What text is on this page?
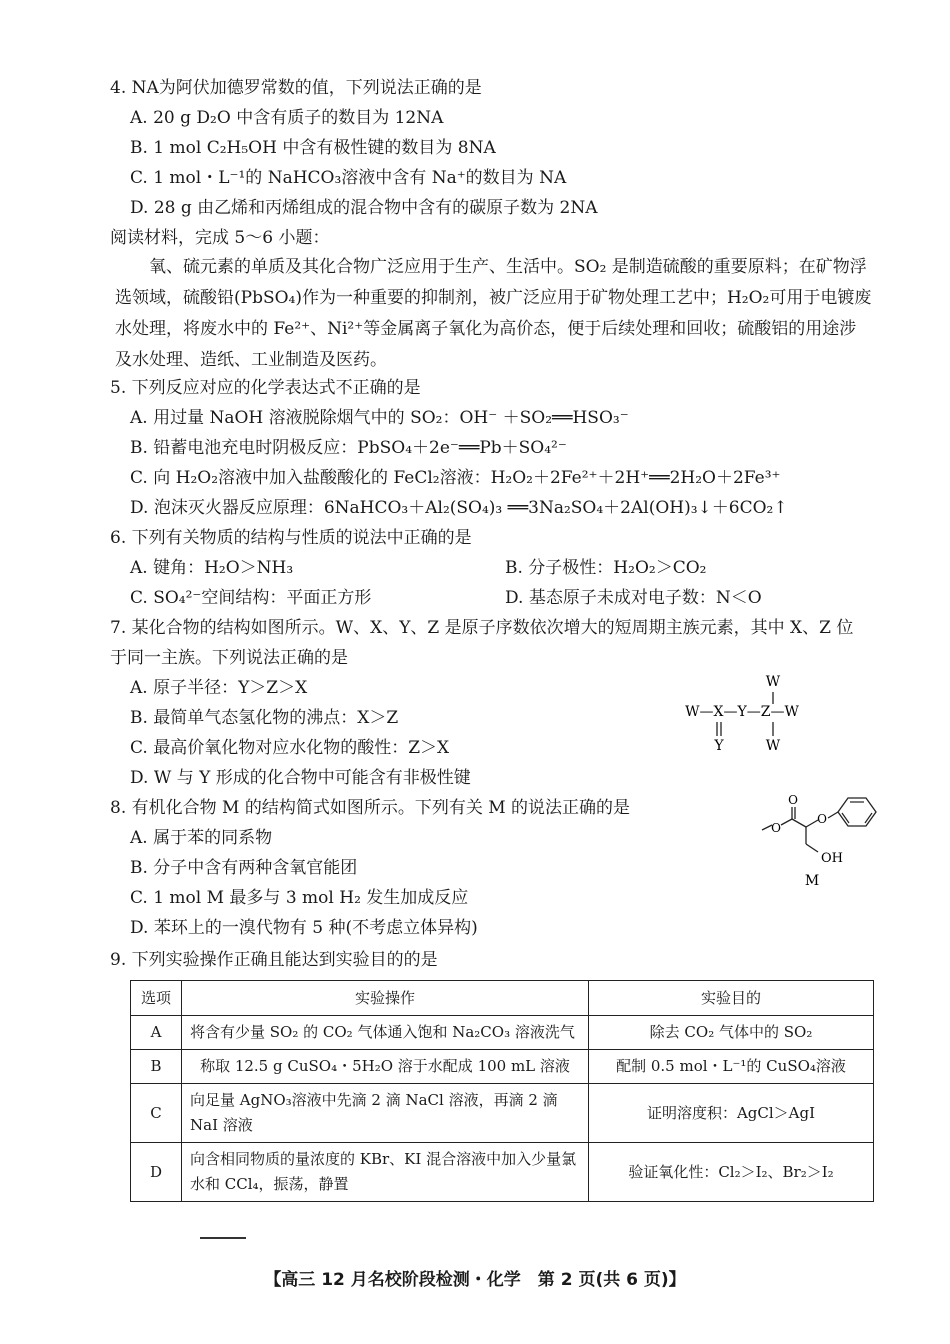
4. NA为阿伏加德罗常数的值，下列说法正确的是
A. 20 g D₂O 中含有质子的数目为 12NA
B. 1 mol C₂H₅OH 中含有极性键的数目为 8NA
C. 1 mol・L⁻¹的 NaHCO₃溶液中含有 Na⁺的数目为 NA
D. 28 g 由乙烯和丙烯组成的混合物中含有的碳原子数为 2NA
阅读材料，完成 5～6 小题：
氧、硫元素的单质及其化合物广泛应用于生产、生活中。SO₂ 是制造硫酸的重要原料；在矿物浮选领域，硫酸铅(PbSO₄)作为一种重要的抑制剂，被广泛应用于矿物处理工艺中；H₂O₂可用于电镀废水处理，将废水中的 Fe²⁺、Ni²⁺等金属离子氧化为高价态，便于后续处理和回收；硫酸铝的用途涉及水处理、造纸、工业制造及医药。
5. 下列反应对应的化学表达式不正确的是
A. 用过量 NaOH 溶液脱除烟气中的 SO₂：OH⁻ ＋SO₂══HSO₃⁻
B. 铅蓄电池充电时阴极反应：PbSO₄＋2e⁻══Pb＋SO₄²⁻
C. 向 H₂O₂溶液中加入盐酸酸化的 FeCl₂溶液：H₂O₂＋2Fe²⁺＋2H⁺══2H₂O＋2Fe³⁺
D. 泡沫灭火器反应原理：6NaHCO₃＋Al₂(SO₄)₃ ══3Na₂SO₄＋2Al(OH)₃↓＋6CO₂↑
6. 下列有关物质的结构与性质的说法中正确的是
A. 键角：H₂O＞NH₃	B. 分子极性：H₂O₂＞CO₂
C. SO₄²⁻空间结构：平面正方形	D. 基态原子未成对电子数：N＜O
7. 某化合物的结构如图所示。W、X、Y、Z 是原子序数依次增大的短周期主族元素，其中 X、Z 位
于同一主族。下列说法正确的是
A. 原子半径：Y＞Z＞X
B. 最简单气态氢化物的沸点：X＞Z
C. 最高价氧化物对应水化物的酸性：Z＞X
D. W 与 Y 形成的化合物中可能含有非极性键
W
W—X—Y—Z—W
Y	W
8. 有机化合物 M 的结构简式如图所示。下列有关 M 的说法正确的是
A. 属于苯的同系物
B. 分子中含有两种含氧官能团
C. 1 mol M 最多与 3 mol H₂ 发生加成反应
D. 苯环上的一溴代物有 5 种(不考虑立体异构)
O
O
O
OH
M
9. 下列实验操作正确且能达到实验目的的是
选项	实验操作	实验目的
A	将含有少量 SO₂ 的 CO₂ 气体通入饱和 Na₂CO₃ 溶液洗气	除去 CO₂ 气体中的 SO₂
B	称取 12.5 g CuSO₄・5H₂O 溶于水配成 100 mL 溶液	配制 0.5 mol・L⁻¹的 CuSO₄溶液
C	向足量 AgNO₃溶液中先滴 2 滴 NaCl 溶液，再滴 2 滴 NaI 溶液	证明溶度积：AgCl＞AgI
D	向含相同物质的量浓度的 KBr、KI 混合溶液中加入少量氯水和 CCl₄，振荡，静置	验证氧化性：Cl₂＞I₂、Br₂＞I₂
【高三 12 月名校阶段检测・化学　第 2 页(共 6 页)】
